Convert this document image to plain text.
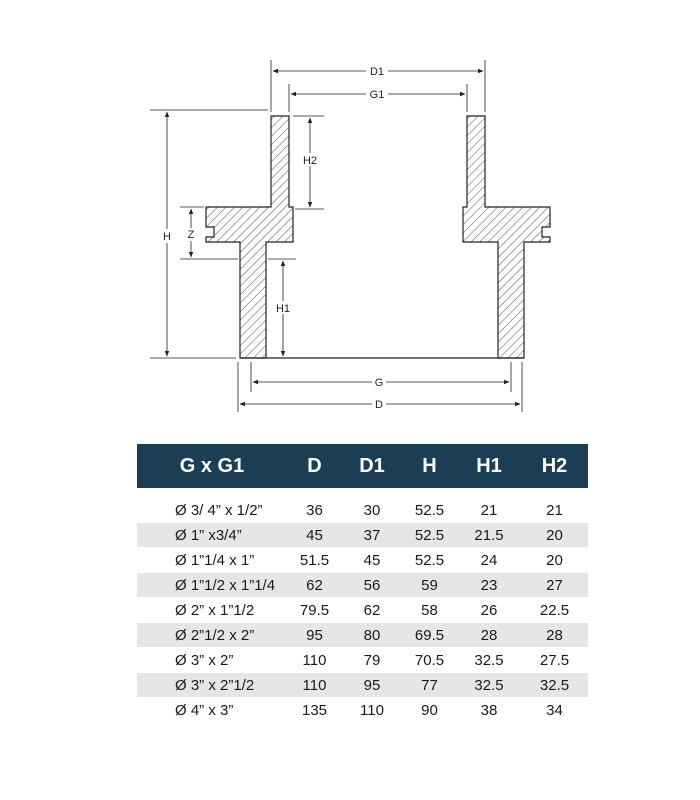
D1
G1
H Z
H2
H1
G
D
G x G1	D	D1	H	H1	H2

Ø 3/ 4” x 1/2”	36	30	52.5	21	21
Ø 1” x3/4”	45	37	52.5	21.5	20
Ø 1”1/4 x 1”	51.5	45	52.5	24	20
Ø 1”1/2 x 1”1/4	62	56	59	23	27
Ø 2” x 1”1/2	79.5	62	58	26	22.5
Ø 2”1/2 x 2”	95	80	69.5	28	28
Ø 3” x 2”	110	79	70.5	32.5	27.5
Ø 3” x 2”1/2	110	95	77	32.5	32.5
Ø 4” x 3”	135	110	90	38	34
